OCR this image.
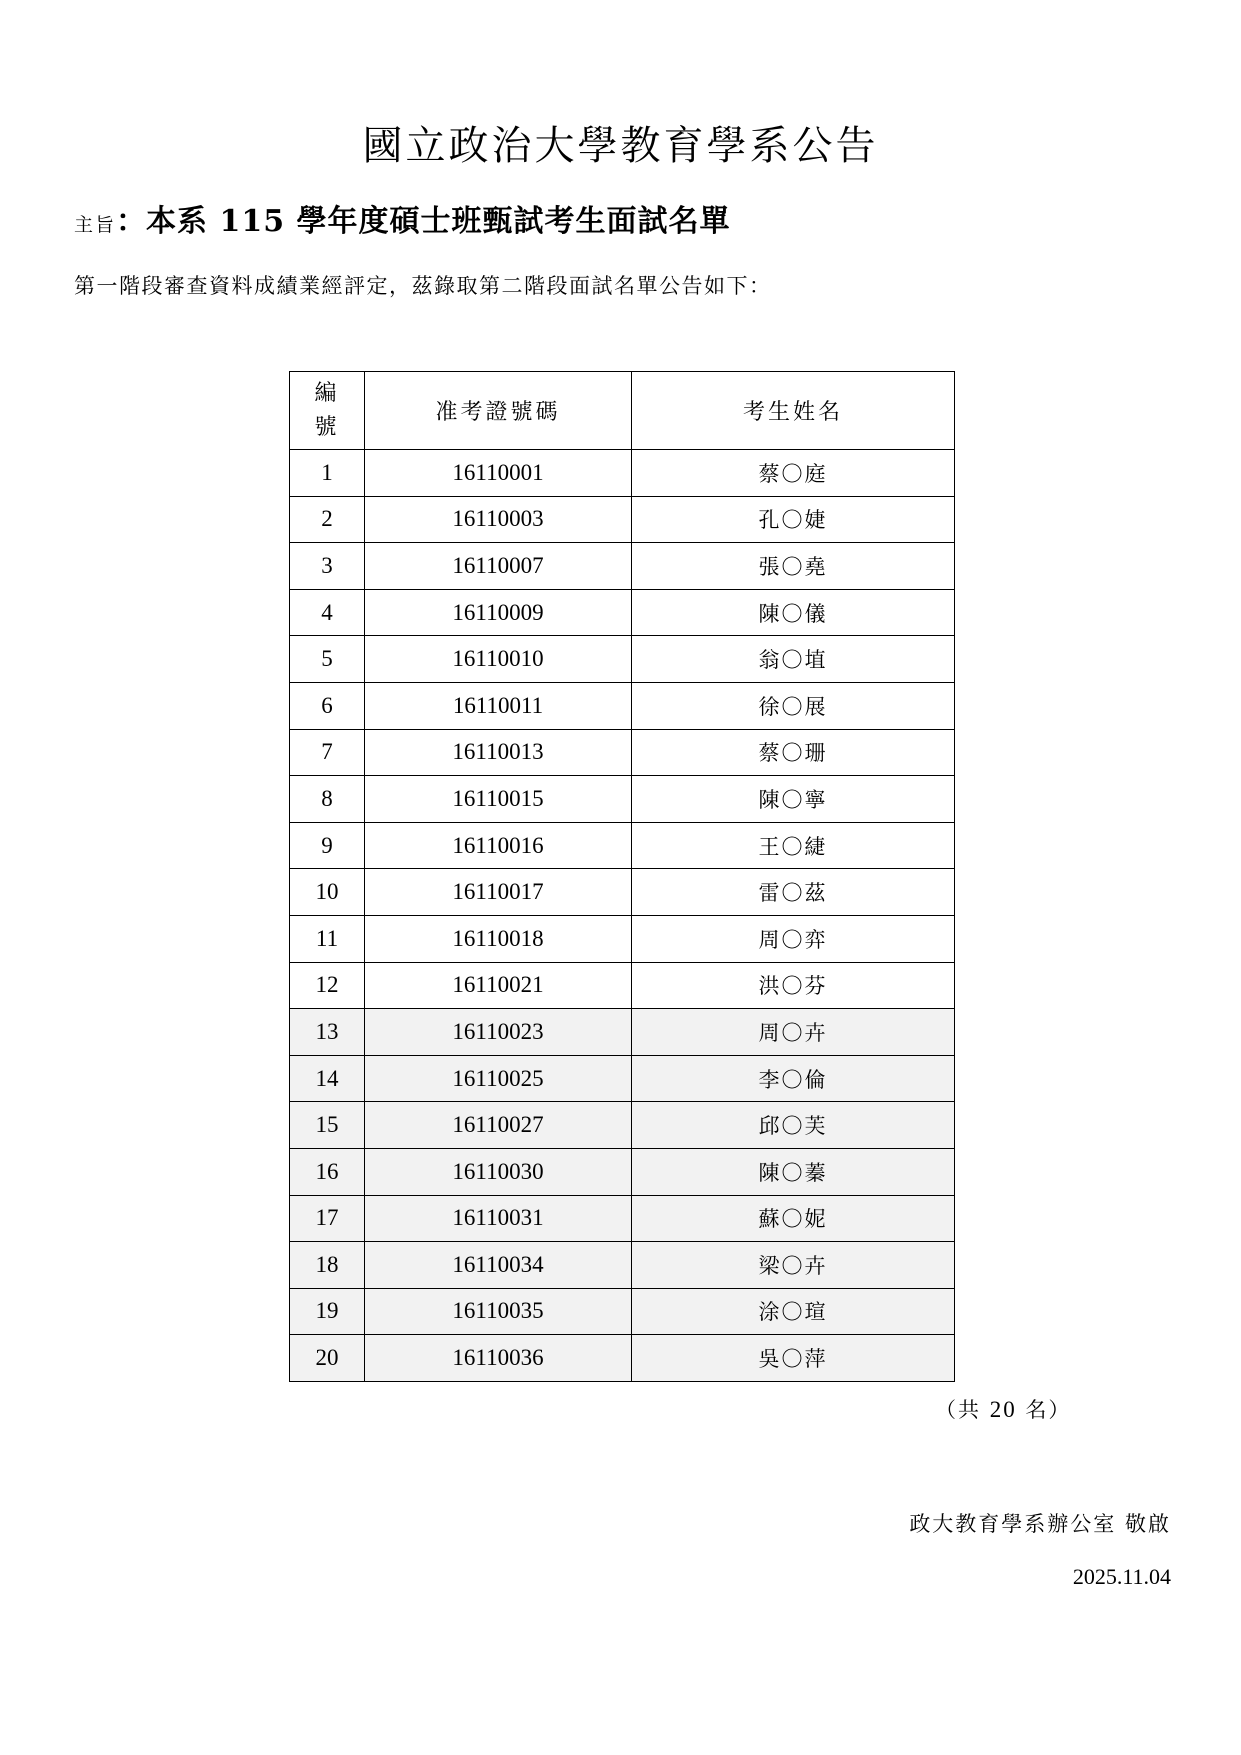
國立政治大學教育學系公告
主旨：本系 115 學年度碩士班甄試考生面試名單
第一階段審查資料成績業經評定，茲錄取第二階段面試名單公告如下：
編
號	准考證號碼	考生姓名
1	16110001	蔡〇庭
2	16110003	孔〇婕
3	16110007	張〇堯
4	16110009	陳〇儀
5	16110010	翁〇埴
6	16110011	徐〇展
7	16110013	蔡〇珊
8	16110015	陳〇寧
9	16110016	王〇緁
10	16110017	雷〇茲
11	16110018	周〇弈
12	16110021	洪〇芬
13	16110023	周〇卉
14	16110025	李〇倫
15	16110027	邱〇芙
16	16110030	陳〇蓁
17	16110031	蘇〇妮
18	16110034	梁〇卉
19	16110035	涂〇瑄
20	16110036	吳〇萍
（共 20 名）
政大教育學系辦公室 敬啟
2025.11.04
